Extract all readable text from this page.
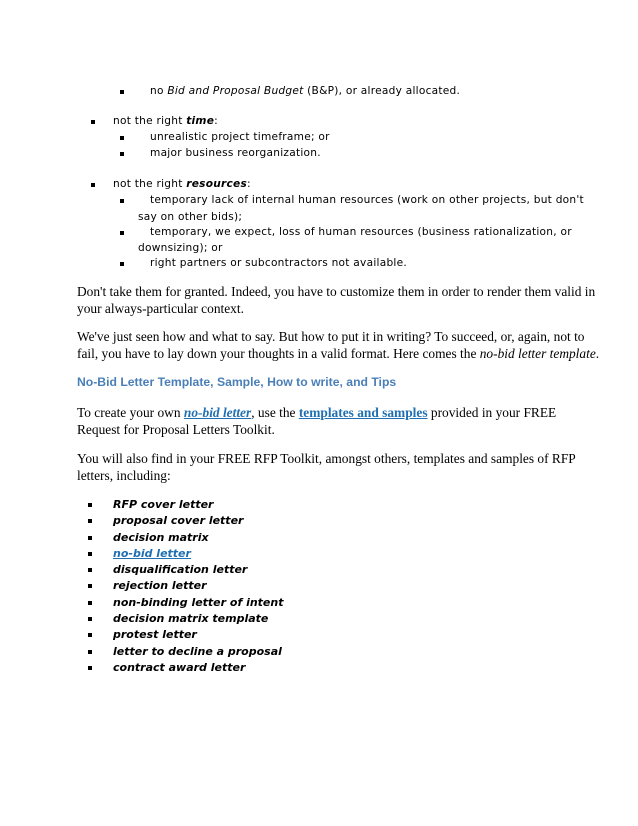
no Bid and Proposal Budget (B&P), or already allocated.
not the right time:
unrealistic project timeframe; or
major business reorganization.
not the right resources:
temporary lack of internal human resources (work on other projects, but don't
say on other bids);
temporary, we expect, loss of human resources (business rationalization, or
downsizing); or
right partners or subcontractors not available.
Don't take them for granted. Indeed, you have to customize them in order to render them valid in
your always-particular context.
We've just seen how and what to say. But how to put it in writing? To succeed, or, again, not to
fail, you have to lay down your thoughts in a valid format. Here comes the no-bid letter template.
No-Bid Letter Template, Sample, How to write, and Tips
To create your own no-bid letter, use the templates and samples provided in your FREE
Request for Proposal Letters Toolkit.
You will also find in your FREE RFP Toolkit, amongst others, templates and samples of RFP
letters, including:
RFP cover letter
proposal cover letter
decision matrix
no-bid letter
disqualification letter
rejection letter
non-binding letter of intent
decision matrix template
protest letter
letter to decline a proposal
contract award letter
